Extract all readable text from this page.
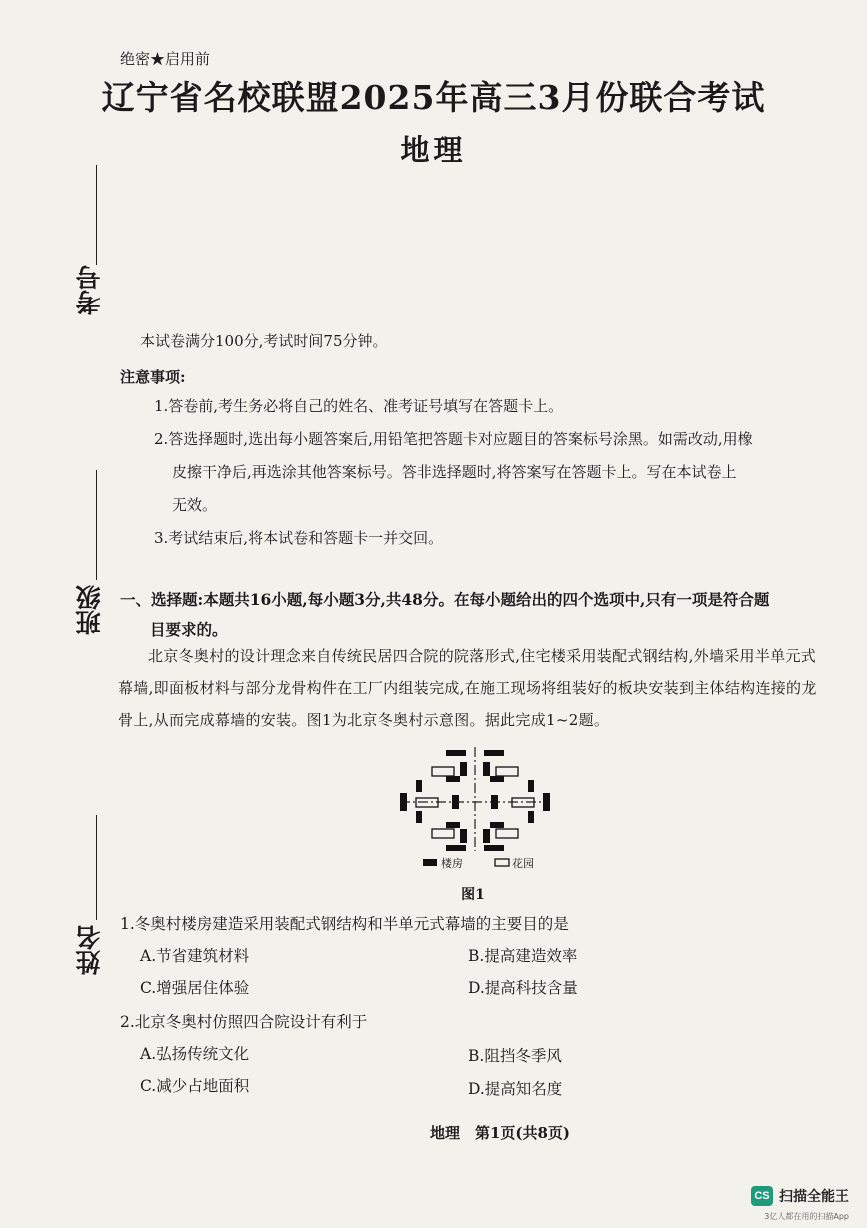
绝密★启用前
辽宁省名校联盟2025年高三3月份联合考试
地理
考号
班级
姓名
本试卷满分100分,考试时间75分钟。
注意事项:
1.答卷前,考生务必将自己的姓名、准考证号填写在答题卡上。
2.答选择题时,选出每小题答案后,用铅笔把答题卡对应题目的答案标号涂黑。如需改动,用橡
皮擦干净后,再选涂其他答案标号。答非选择题时,将答案写在答题卡上。写在本试卷上
无效。
3.考试结束后,将本试卷和答题卡一并交回。
一、选择题:本题共16小题,每小题3分,共48分。在每小题给出的四个选项中,只有一项是符合题
目要求的。
北京冬奥村的设计理念来自传统民居四合院的院落形式,住宅楼采用装配式钢结构,外墙采用半单元式幕墙,即面板材料与部分龙骨构件在工厂内组装完成,在施工现场将组装好的板块安装到主体结构连接的龙骨上,从而完成幕墙的安装。图1为北京冬奥村示意图。据此完成1~2题。
楼房	花园
图1
1.冬奥村楼房建造采用装配式钢结构和半单元式幕墙的主要目的是
A.节省建筑材料	B.提高建造效率
C.增强居住体验	D.提高科技含量
2.北京冬奥村仿照四合院设计有利于
A.弘扬传统文化	B.阻挡冬季风
C.减少占地面积	D.提高知名度
地理　第1页(共8页)
CS 扫描全能王
3亿人都在用的扫描App
